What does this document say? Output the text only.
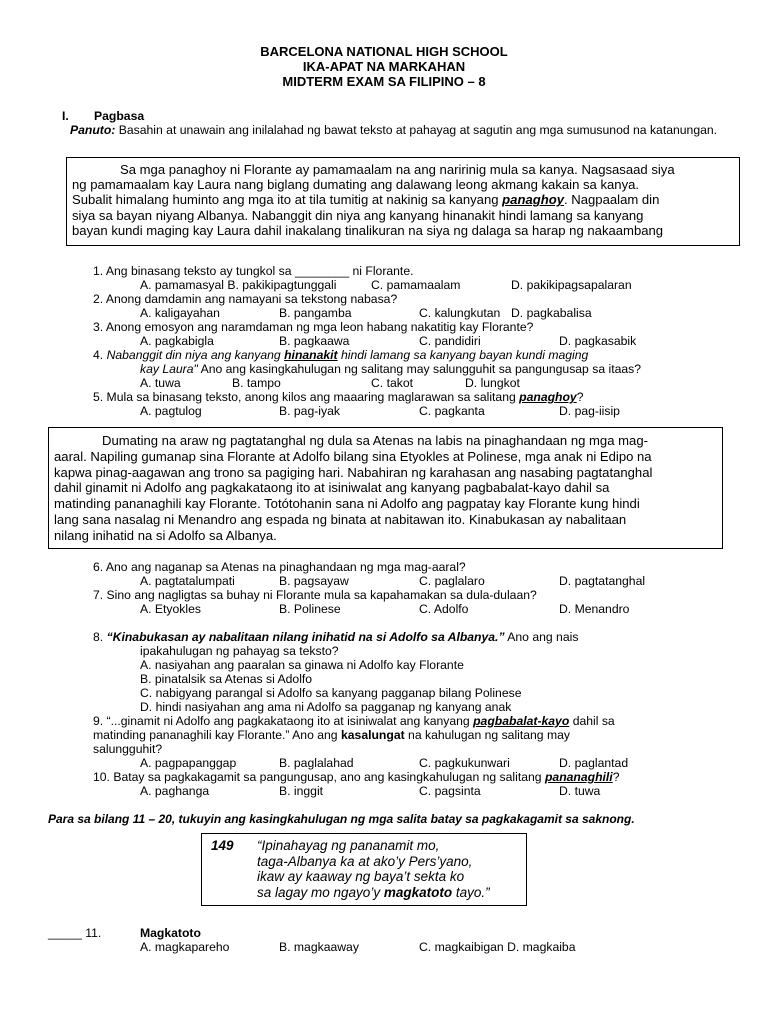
BARCELONA NATIONAL HIGH SCHOOL
IKA-APAT NA MARKAHAN
MIDTERM EXAM SA FILIPINO – 8
I. Pagbasa
Panuto: Basahin at unawain ang inilalahad ng bawat teksto at pahayag at sagutin ang mga sumusunod na katanungan.

Sa mga panaghoy ni Florante ay pamamaalam na ang naririnig mula sa kanya. Nagsasaad siya

ng pamamaalam kay Laura nang biglang dumating ang dalawang leong akmang kakain sa kanya.

Subalit himalang huminto ang mga ito at tila tumitig at nakinig sa kanyang panaghoy. Nagpaalam din

siya sa bayan niyang Albanya. Nabanggit din niya ang kanyang hinanakit hindi lamang sa kanyang

bayan kundi maging kay Laura dahil inakalang tinalikuran na siya ng dalaga sa harap ng nakaambang

1. Ang binasang teksto ay tungkol sa ________ ni Florante.
A. pamamasyal B. pakikipagtunggali	C. pamamaalam	D. pakikipagsapalaran
2. Anong damdamin ang namayani sa tekstong nabasa?
A. kaligayahan	B. pangamba	C. kalungkutan D. pagkabalisa
3. Anong emosyon ang naramdaman ng mga leon habang nakatitig kay Florante?
A. pagkabigla	B. pagkaawa	C. pandidiri	D. pagkasabik
4. Nabanggit din niya ang kanyang hinanakit hindi lamang sa kanyang bayan kundi maging
kay Laura" Ano ang kasingkahulugan ng salitang may salungguhit sa pangungusap sa itaas?
A. tuwa	B. tampo	C. takot	D. lungkot
5. Mula sa binasang teksto, anong kilos ang maaaring maglarawan sa salitang panaghoy?
A. pagtulog	B. pag-iyak	C. pagkanta	D. pag-iisip

Dumating na araw ng pagtatanghal ng dula sa Atenas na labis na pinaghandaan ng mga mag-

aaral. Napiling gumanap sina Florante at Adolfo bilang sina Etyokles at Polinese, mga anak ni Edipo na

kapwa pinag-aagawan ang trono sa pagiging hari. Nabahiran ng karahasan ang nasabing pagtatanghal

dahil ginamit ni Adolfo ang pagkakataong ito at isiniwalat ang kanyang pagbabalat-kayo dahil sa

matinding pananaghili kay Florante. Totótohanin sana ni Adolfo ang pagpatay kay Florante kung hindi

lang sana nasalag ni Menandro ang espada ng binata at nabitawan ito. Kinabukasan ay nabalitaan

nilang inihatid na si Adolfo sa Albanya.

6. Ano ang naganap sa Atenas na pinaghandaan ng mga mag-aaral?
A. pagtatalumpati	B. pagsayaw	C. paglalaro	D. pagtatanghal
7. Sino ang nagligtas sa buhay ni Florante mula sa kapahamakan sa dula-dulaan?
A. Etyokles	B. Polinese	C. Adolfo	D. Menandro
8. “Kinabukasan ay nabalitaan nilang inihatid na si Adolfo sa Albanya.” Ano ang nais
ipakahulugan ng pahayag sa teksto?
A. nasiyahan ang paaralan sa ginawa ni Adolfo kay Florante
B. pinatalsik sa Atenas si Adolfo
C. nabigyang parangal si Adolfo sa kanyang pagganap bilang Polinese
D. hindi nasiyahan ang ama ni Adolfo sa pagganap ng kanyang anak
9. “...ginamit ni Adolfo ang pagkakataong ito at isiniwalat ang kanyang pagbabalat-kayo dahil sa
matinding pananaghili kay Florante.” Ano ang kasalungat na kahulugan ng salitang may
salungguhit?
A. pagpapanggap	B. paglalahad	C. pagkukunwari	D. paglantad
10. Batay sa pagkakagamit sa pangungusap, ano ang kasingkahulugan ng salitang pananaghili?
A. paghanga	B. inggit	C. pagsinta	D. tuwa
Para sa bilang 11 – 20, tukuyin ang kasingkahulugan ng mga salita batay sa pagkakagamit sa saknong.
149 “Ipinahayag ng pananamit mo,
taga-Albanya ka at ako’y Pers’yano,
ikaw ay kaaway ng baya’t sekta ko
sa lagay mo ngayo’y magkatoto tayo.”
_____ 11.	Magkatoto
A. magkapareho	B. magkaaway	C. magkaibigan D. magkaiba
